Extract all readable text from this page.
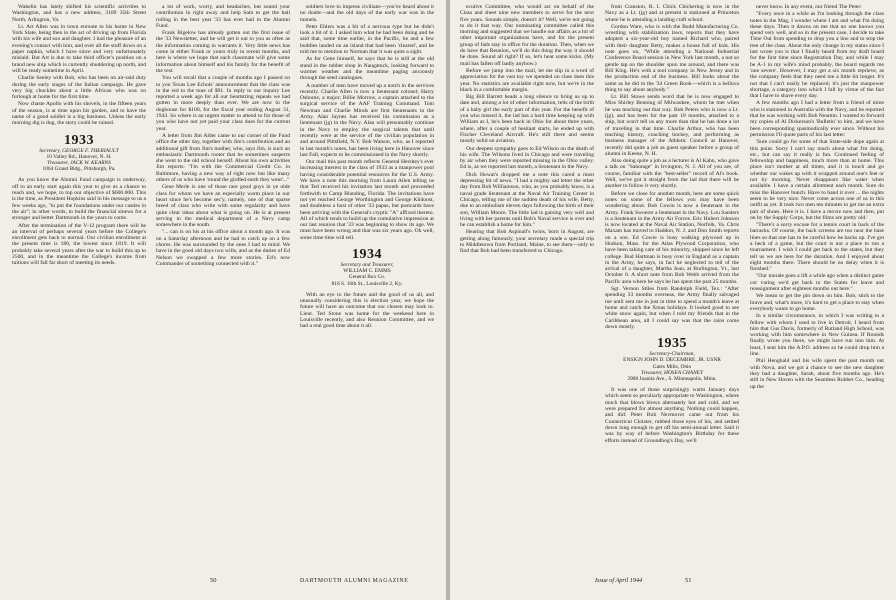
Wakelin has lately shifted his scientific activities to Washington, and has a new address, 3109 35th Street North, Arlington, Va.

Lt. Art Allen was in town enroute to his home in New York State, being then in the act of driving up from Florida with his wife and son and daughter. I had the pleasure of an evening's contact with him, and over all the stuff down on a paper napkin, which I have since and very unfortunately mislaid. But Art is due to take third officer's position on a brand new ship which is currently shuddering up north, and will be ready sometime in April.

Charlie Seeley with Bob, who has been on air-raid duty during the early stages of the Italian campaign. He gave very big chuckles about a little African who was on furlough at home for the first time.

Now chaste Apollo with his shovels, in the fifteen years of the season, is at time upon his garden, and to have the name of a good soldier is a big business. Unless the early morning dig is dug, the story could be ruined.

1933
Secretary, GEORGE F. THERIAULT
10 Valley Rd., Hanover, N. H.
Treasurer, JACK W. KEARNS
1064 Grand Bldg., Pittsburgh, Pa.

As you know the Alumni Fund campaign is underway, off to an early start again this year to give us a chance to reach and, we hope, to top our objective of $600.000. This is the time, as President Hopkins said in his message to us a few weeks ago, "to put the foundations under our castles in the air"; in other words, to build the financial sinews for a stronger and better Dartmouth in the years to come.

After the termination of the V-12 program there will be an interval of perhaps several years before the College's enrollment gets back to normal. Our civilian enrollment at the present time is 180, the lowest since 1819. It will probably take several years after the war to build this up to 2500, and in the meantime the College's income from tuitions will fall far short of meeting its needs.

a lot of work, worry, and headaches, but sound your contribution in right away and help Sam to get the ball rolling in the best year '33 has ever had in the Alumni Fund.

Frank Bigelow has already gotten out the first issue of the '33 Newsletter, and he will get it out to you as often as the information coming in warrants it. Very little news has come in either Frank or yours truly in recent months, and here is where we hope that each classmate will give some information about himself and his family for the benefit of the rest.

You will recall that a couple of months ago I passed on to you Texas Lee Echols' announcement that the class was in the red to the tune of $91. In reply to our inquiry Lee reported a week ago for all our heartstring repeals we had gotten in more deeply than ever. We are now in the doghouse for $100, for the fiscal year ending August 31, 1943. So where is an urgent matter to attend to for those of you who have not yet paid your class dues for the current year.

A letter from Jim Alder came to our corner of the Fund office the other day, together with Jim's contribution and an additional gift from Jim's mother, who, says Jim, is such an enthusiastic Dartmouth rooter that he sometimes suspects she went to the old school herself. About his own activities Jim reports: "I'm with the Commercial Credit Co. in Baltimore, having a new way of right now but like many others of us who have 'round the girdled earth they went'..."

Gene Merle is one of those rare good guys in ye olde class for whom we have an especially warm place in our heart since he's become sec'y, namely, one of that sparse breed of class who write with some regularity and have quite clear ideas about what is going on. He is at present serving in the medical department of a Navy camp somewhere in the south.

"... can is on his at his office about a month ago. It was on a Saturday afternoon and he had to catch up on a few chores. He was surrounded by the ones I had to mind. We have in the good old days two wills, and as the duties of Ed Nelson we swapped a few more stories. Ed's now Commander of something connected with it."

soldiers love to impress civilians—you've heard about it no doubt—and the old days of the early war was in the tunnels.

Peter Ehlers was a bit of a nervous type but he didn't look a bit of it. I asked him what he had been doing and he said that, some time earlier, in the Pacific, he and a few buddies landed on an island that had been 'cleared', and he told me to mention to Norman that it was quite a sight.

As for Gene himself, he says that he is still at the old stand in the rubber shop in Naugatuck, looking forward to warmer weather and the meantime paging anxiously through the seed catalogues.

A number of men have moved up a notch in the services recently. Charlie Allen is now a lieutenant colonel; Harry Osborne, a major; Billie Morrow, a captain attached to the surgical service of the AAF Training Command. Tom Newman and Charlie Minds are first lieutenants in the Army. Alan Jaynes has received his commission as a lieutenant (jg) in the Navy. Alan will presumably continue in the Navy to employ the surgical talents that until recently were at the service of the civilian population in and around Pittsfield, N.Y. Bob Watson, who, as I reported in last month's notes, has been living here in Hanover since last Fall, expects to be commissioned in the Navy shortly.

Our mail this past month reflects General Hershey's ever increasing interest in the class of 1933 as a manpower pool having considerable potential resources for the U.S. Army. We have a note this morning from Laura Allen telling us that Ted received his invitation last month and proceeded forthwith to Camp Blanding, Florida. The invitations have not yet reached George Worthington and George Kildoost, and doubtless a host of other '33 papas, but postcards have been arriving with the General's cryptic "A" affixed thereto. All of which tends to build up the cumulative impression at our last reunion that '33 was beginning to show its age. We must have been wrong and that was six years ago. Oh well, some time time will tell.

1934
Secretary and Treasurer,
WILLIAM C. EMMS
General Box Co.
816 S. 16th St., Louisville 2, Ky.

With an eye to the future and the good of us all, and unusually considering this is election year, we hope the future will have an outcome that our chosen may look to. Lieut. Ted Stone was home for the weekend here in Louisville recently, and also Reunion Committee, and we had a real good time about it all.

50	DARTMOUTH ALUMNI MAGAZINE

ecutive Committee, who would act on behalf of the Class and sheet nine new members to serve for the next five years. Sounds simple, doesn't it? Well, we're not going to do it that way. Our nominating committee called this morning and suggested that we handle our affairs as a lot of other important organizations have, and for the present group of fads stay in office for the duration. Then, when we do have that Reunion, we'll do this thing the way it should be done. Sound all right? If so, let's hear some kicks. (My mail has fallen off badly anyhow.)

Before we jump into the mail, let me slip in a word of appreciation for the vast toy we spended on class dues this year. No statistics are available right now, but we're in the black in a comfortable margin.

Big Bill Barrett heads a long silence to bring us up to date and, among a lot of other information, tells of the birth of a baby girl the early part of this year. For the benefit of you who missed it, the lad has a hard time keeping up with William as I, he's been back in Ohio for about three years, where, after a couple of hesitant starts, he ended up with Fischer Cleveland Aircraft. He's still there and seems mostly solid on aviation.

Our deepest sympathy goes to Ed Wilson on the death of his wife. The Wilsons lived in Chicago and were traveling by air when they were reported missing in the Ohio valley. Ed is, as we reported last month, a lieutenant in the Navy.

Dick Howat's dropped me a note this cared a most depressing bit of news. "I had a mighty sad letter the other day from Bob Williamson, who, as you probably know, is a naval grade lieutenant at the Naval Air Training Center in Chicago, telling me of the sudden death of his wife, Betty, due to an embolism eleven days following the birth of their son, William Moore. The little lad is gaining very well and living with her parents until Bob's Naval service is over and he can establish a home for him."

Hearing that Bob Aspinall's twins, born in August, are getting along famously, your secretary made a special trip to Middletown from Portland, Maine, to see them—only to find that Bob had been transferred to Chicago.

from Cranston, R. I. Chick Chickering is now in the Navy as a Lt. (jg) and at present is stationed at Princeton where he is attending a landing craft school.

Gordon Ware, who is with the Budd Manufacturing Co. wrestling with stabilization laws, reports that they have adopted a six-year-old boy named Richard who, paired with their daughter Betty, makes a house full of kids. His note goes on, "While attending a National Industrial Conference Board session in New York last month, a not so gentle tap on the shoulder spun me around, and there was Bill King. He's with a tool company in New Jersey and in the production end of the business. Bill looks about the same as he did in the '34 Green Book—which is a helluva thing to say about anybody."

Lt. Bill Stowe sends word that he is now engaged to Miss Shirley Benning of Milwaukee, whom he met when he was teaching out that way. Bob Peters who is now a Lt. (jg), and has been for the past 18 months, attached to a ship, but won't tell us any more than that he has done a lot of traveling in that time. Charlie Arthur, who has been teaching history, coaching hockey, and performing as business manager of the Athletic Council at Hanover, recently did quite a job as guest speaker before a group of alumni in Keene, N. H.

Also doing quite a job as a lecturer is Al Kahn, who gave a talk on "Sabotage" in Irvington, N. J. All of you are, of course, familiar with the "best-seller" record of Al's book. Well, we've got it straight from the lad that there will be another to follow it very shortly.

Before we close for another month, here are some quick notes on some of the fellows you may have been wondering about. Bob Cowin is now a lieutenant in the Army. Frank Swoerer a lieutenant in the Navy. Lou Sanders is a lieutenant in the Army Air Forces. Eric Hubert Johnson is now located at the Naval Air Station, Norfolk, Va. Chris Maxam has moved to Haddon, N. J. and Don Smith reports on a son. Ed Cowie is busy walking plywood up in Hudson, Mass. for the Atlas Plywood Corporation, who have been taking care of his minority, shipped since he left college. Bud Hartman is busy over in England as a captain in the Army, he says, in fact he neglected to tell of the arrival of a daughter, Martha Jean, at Burlington, Vt., last October 6. A short note from Bob Webb arrived from the Pacific area where he says he has spent the past 25 months.

Sgt. Vernon Stiles from Randolph Field, Tex.: "After spending 33 months overseas, the Army finally salvaged me until sent me in just in time to spend a month's leave at home and catch the Xmas holidays. It looked good to see white snow again, but when I told my friends that in the Caribbean area, all I could say was that the rains come down mostly.

1935
Secretary-Chairman,
ENSIGN JOHN D. DECEMBRE, JR. USNR
Gates Mills, Ohio
Treasurer, HOSEA CHANEY
3908 Juanita Ave., S. Minneapolis, Minn.

It was one of those surprisingly warm January days which seem so peculiarly appropriate to Washington, where much that blows blows alternately hot and cold, and we were prepared for almost anything. Nothing could happen, and did: Peter Bob Nevmover came out from his Connecticut Cloister, rubbed those eyes of his, and settled down long enough to get off his semi-annual letter. Said it was by way of before Washington's Birthday for these efforts instead of Groundhog's Day, we'll

never know. In any event, our friend The Peter:

"Every once in a while as I'm looking through the class notes in the Mag, I wonder where I am and what I'm doing these days. Then it dawns on me that no one knows you spend very well, and so in the present case, I decide to take Time Out from spending to drop you a line and to stop the tree of the class. About the only change in my status since I last wrote you is that I finally heard from my draft board for the first time since Registration Day, and while I may be A-1 in my wife's mind probably, the board regards me 'one severe'. However, I may get a six month reprieve, as the company feels that they need me a little bit longer. It's not that I can't easily be replaced; it's just the manpower shortage, a category into which I fall by virtue of the fact that I have to shave every day.

A few months ago I had a letter from a friend of mine who is stationed in Australia with the Navy, and he reported that he was working with Bob Nearmn. I wanted to forward my copies of Al Dickerson's 'Bulletin' to him, and we have been corresponding spasmodically ever since. Without his permission I'll quote parts of his last letter:

'Sure could go for some of that State-side dope again at this point. Sorry I can't say much about what I'm doing, etc., but can say it really is fun. Continued feeling of fellowship and happiness, much more than at home. This place isn't mother at all times, and it is touch and go whether our wakes up with it wrapped around one's feet or not by morning. Never disappears like water when available. I have a certain allotment each month. Sure do miss the Hanover bunch. Have to hand it over ... the nights seem to be very nice. Never come across one of us in this outfit as yet. It took two men ten minutes to get me an extra pair of shoes. Here it is. I have a movie now and then, put on by the Supply Corps, but the films are pretty old.'

"There's a sorry excuse for a tennis court in back of the barracks. Of course, the back screens are too near the base lines so that one has to be careful how he backs up. I've got a heck of a game, but the court is not a place to run a tournament. I wish I could get back to the states, but they tell us we are here for the duration. And I enjoyed about eight months there. There should be no delay when it is finished."

"Our morale goes a lift a while ago when a distinct game cor varing we'd get back to the States for leave and reassignment after eighteen months out here."

We mean to get the pin down on him. Bob, stick to the brave and, what's more, it's hard to get a place to stay when everybody wants to go home.

In a similar circumstance, in which I was writing to a fellow with whom I used to live in Detroit, I heard from him that Gus Davis, formerly of Rutland High School, was working with him somewhere in New Guinea. If Rounds finally wrote you there, we might have run into him. At least, I sent him the A.P.O. address so he could drop him a line.

Phil Henghald and his wife spent the past month out with Nova, and we got a chance to see the new daughter they had a daughter, Sarah, about five months ago. He's still in New Haven with the Seamless Rubber Co., heading up the

Issue of April 1944	51
